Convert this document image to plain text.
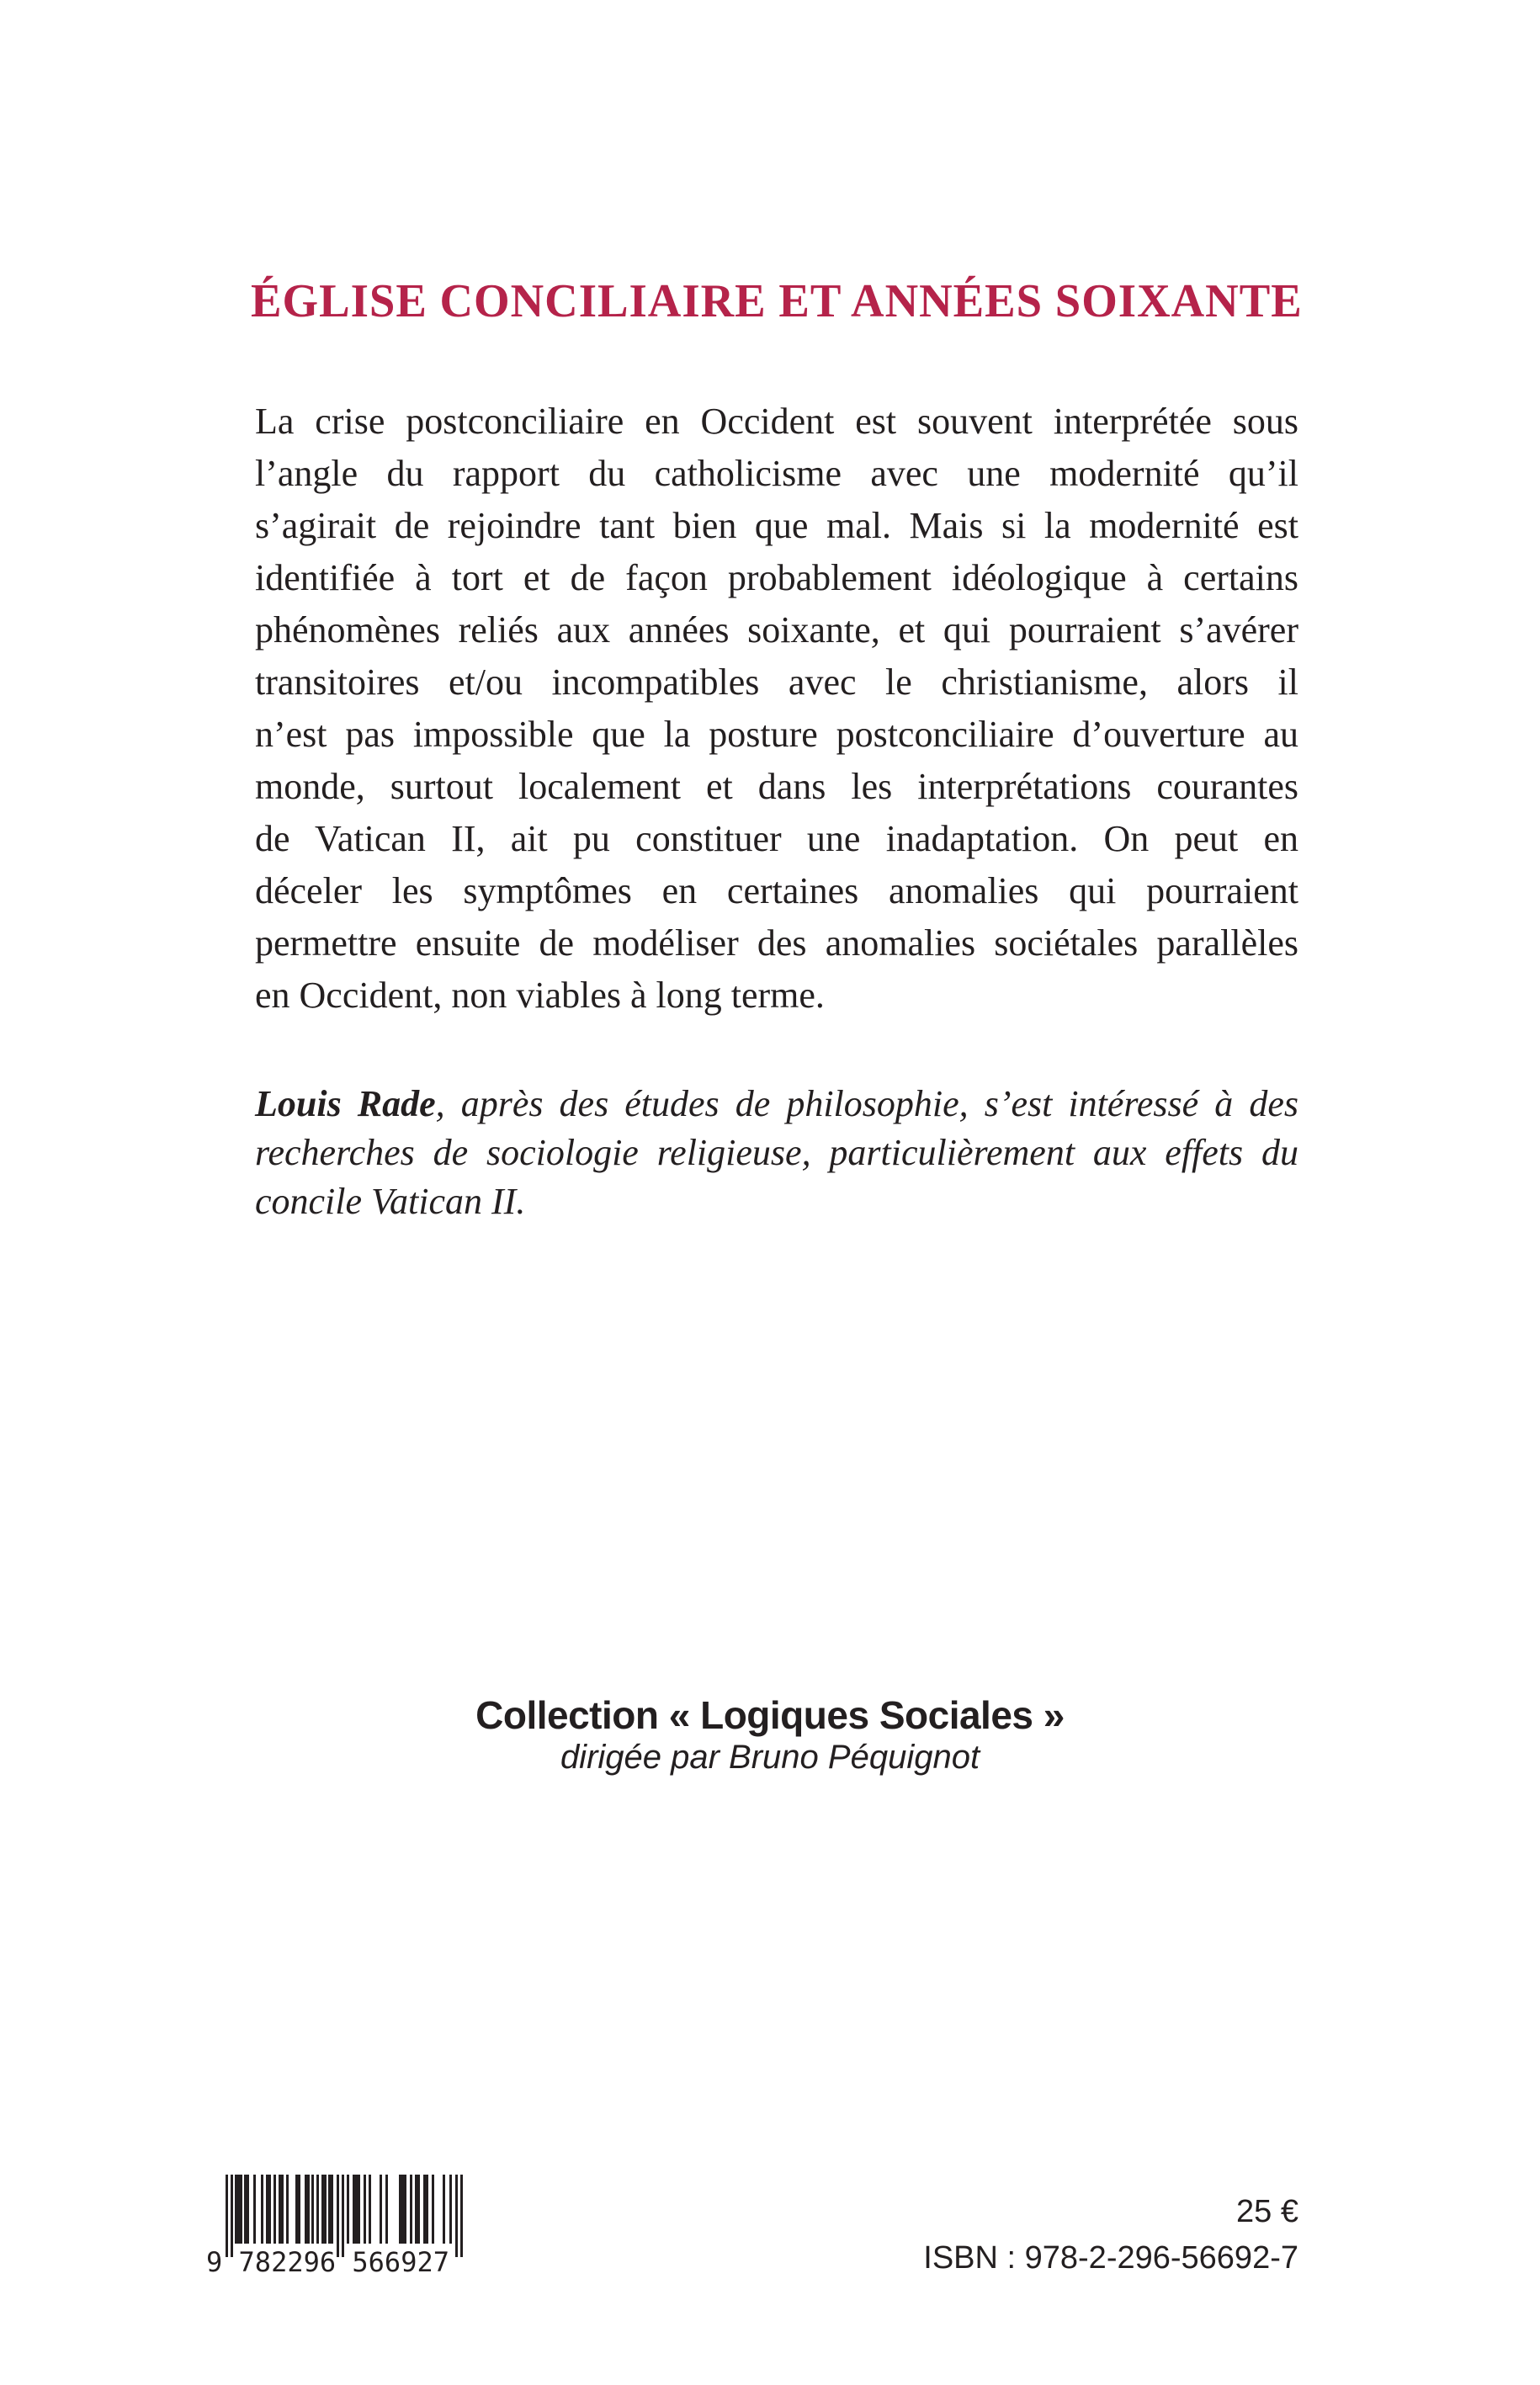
ÉGLISE CONCILIAIRE ET ANNÉES SOIXANTE
La crise postconciliaire en Occident est souvent interprétée sous
l’angle du rapport du catholicisme avec une modernité qu’il
s’agirait de rejoindre tant bien que mal. Mais si la modernité est
identifiée à tort et de façon probablement idéologique à certains
phénomènes reliés aux années soixante, et qui pourraient s’avérer
transitoires et/ou incompatibles avec le christianisme, alors il
n’est pas impossible que la posture postconciliaire d’ouverture au
monde, surtout localement et dans les interprétations courantes
de Vatican II, ait pu constituer une inadaptation. On peut en
déceler les symptômes en certaines anomalies qui pourraient
permettre ensuite de modéliser des anomalies sociétales parallèles
en Occident, non viables à long terme.
Louis Rade, après des études de philosophie, s’est intéressé à des
recherches de sociologie religieuse, particulièrement aux effets du
concile Vatican II.
Collection « Logiques Sociales »
dirigée par Bruno Péquignot
9 782296 566927
25 €
ISBN : 978-2-296-56692-7
